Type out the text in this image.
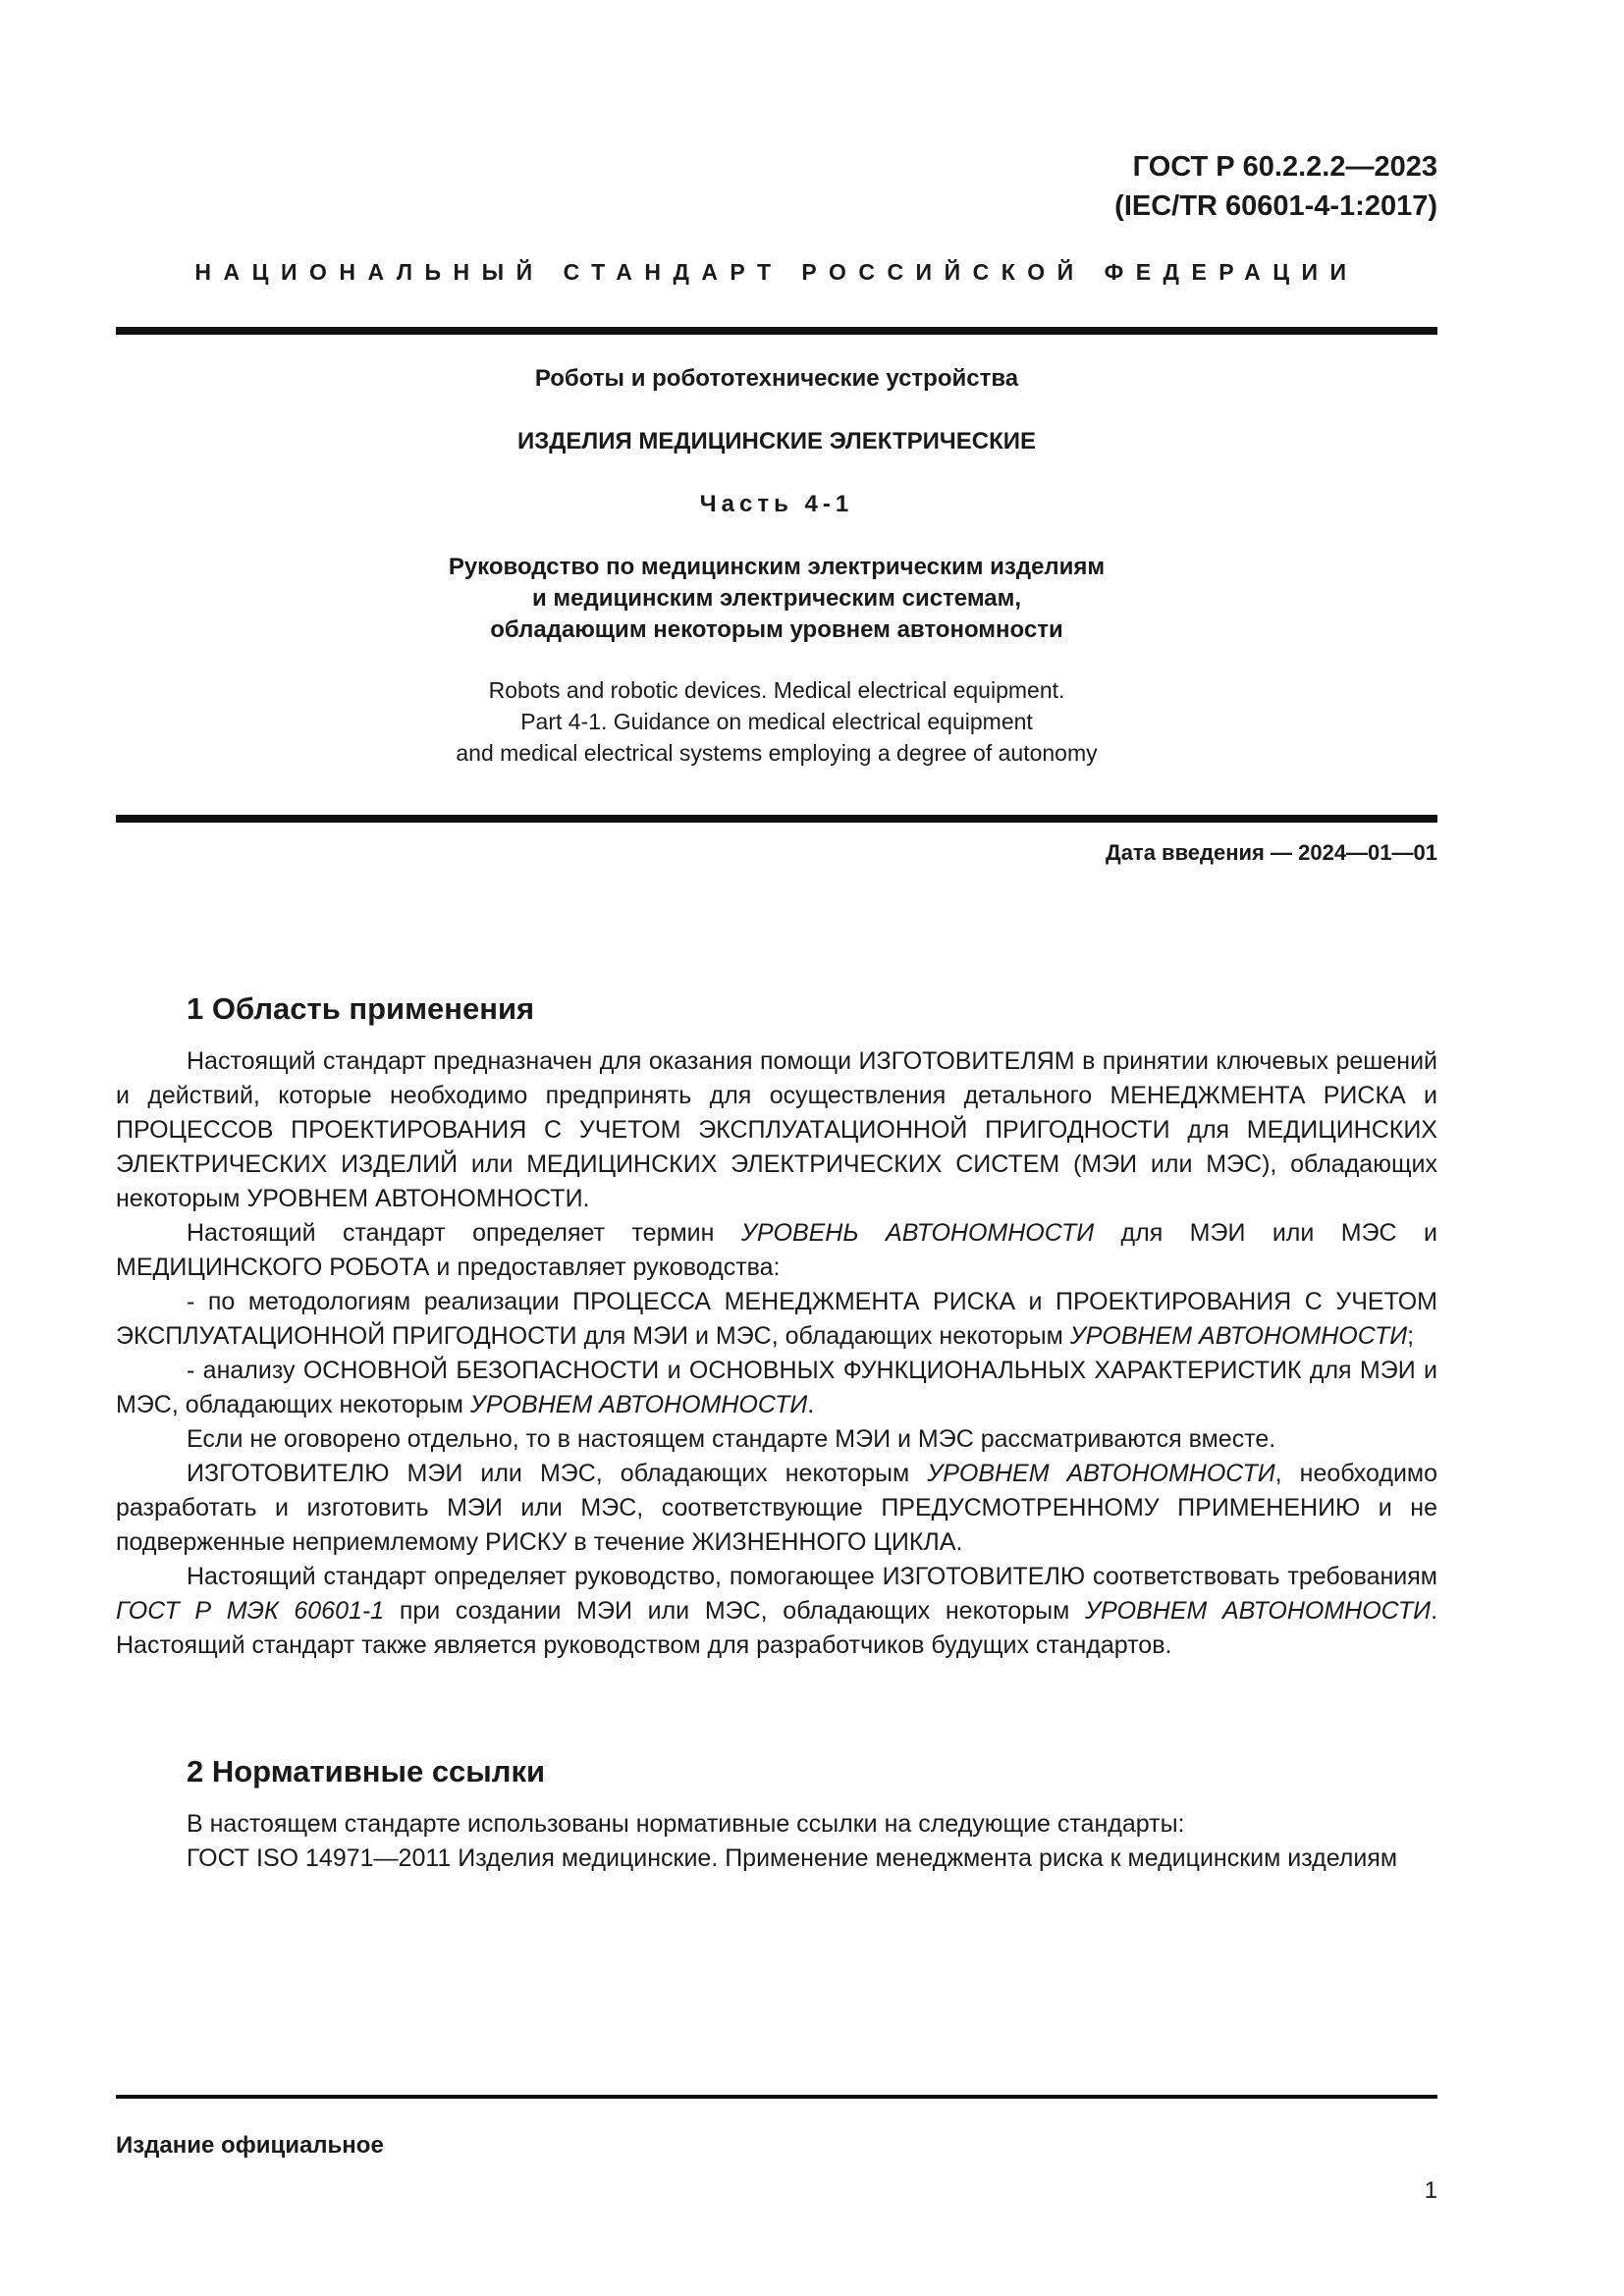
ГОСТ Р 60.2.2.2—2023
(IEC/TR 60601-4-1:2017)
НАЦИОНАЛЬНЫЙ СТАНДАРТ РОССИЙСКОЙ ФЕДЕРАЦИИ
Роботы и робототехнические устройства
ИЗДЕЛИЯ МЕДИЦИНСКИЕ ЭЛЕКТРИЧЕСКИЕ
Часть 4-1
Руководство по медицинским электрическим изделиям
и медицинским электрическим системам,
обладающим некоторым уровнем автономности
Robots and robotic devices. Medical electrical equipment.
Part 4-1. Guidance on medical electrical equipment
and medical electrical systems employing a degree of autonomy
Дата введения — 2024—01—01
1 Область применения

Настоящий стандарт предназначен для оказания помощи ИЗГОТОВИТЕЛЯМ в принятии ключевых решений и действий, которые необходимо предпринять для осуществления детального МЕНЕДЖМЕНТА РИСКА и ПРОЦЕССОВ ПРОЕКТИРОВАНИЯ С УЧЕТОМ ЭКСПЛУАТАЦИОННОЙ ПРИГОДНОСТИ для МЕДИЦИНСКИХ ЭЛЕКТРИЧЕСКИХ ИЗДЕЛИЙ или МЕДИЦИНСКИХ ЭЛЕКТРИЧЕСКИХ СИСТЕМ (МЭИ или МЭС), обладающих некоторым УРОВНЕМ АВТОНОМНОСТИ.

Настоящий стандарт определяет термин УРОВЕНЬ АВТОНОМНОСТИ для МЭИ или МЭС и МЕДИЦИНСКОГО РОБОТА и предоставляет руководства:

- по методологиям реализации ПРОЦЕССА МЕНЕДЖМЕНТА РИСКА и ПРОЕКТИРОВАНИЯ С УЧЕТОМ ЭКСПЛУАТАЦИОННОЙ ПРИГОДНОСТИ для МЭИ и МЭС, обладающих некоторым УРОВНЕМ АВТОНОМНОСТИ;

- анализу ОСНОВНОЙ БЕЗОПАСНОСТИ и ОСНОВНЫХ ФУНКЦИОНАЛЬНЫХ ХАРАКТЕРИСТИК для МЭИ и МЭС, обладающих некоторым УРОВНЕМ АВТОНОМНОСТИ.

Если не оговорено отдельно, то в настоящем стандарте МЭИ и МЭС рассматриваются вместе.

ИЗГОТОВИТЕЛЮ МЭИ или МЭС, обладающих некоторым УРОВНЕМ АВТОНОМНОСТИ, необходимо разработать и изготовить МЭИ или МЭС, соответствующие ПРЕДУСМОТРЕННОМУ ПРИМЕНЕНИЮ и не подверженные неприемлемому РИСКУ в течение ЖИЗНЕННОГО ЦИКЛА.

Настоящий стандарт определяет руководство, помогающее ИЗГОТОВИТЕЛЮ соответствовать требованиям ГОСТ Р МЭК 60601-1 при создании МЭИ или МЭС, обладающих некоторым УРОВНЕМ АВТОНОМНОСТИ. Настоящий стандарт также является руководством для разработчиков будущих стандартов.

2 Нормативные ссылки

В настоящем стандарте использованы нормативные ссылки на следующие стандарты:

ГОСТ ISO 14971—2011 Изделия медицинские. Применение менеджмента риска к медицинским изделиям

Издание официальное
1
